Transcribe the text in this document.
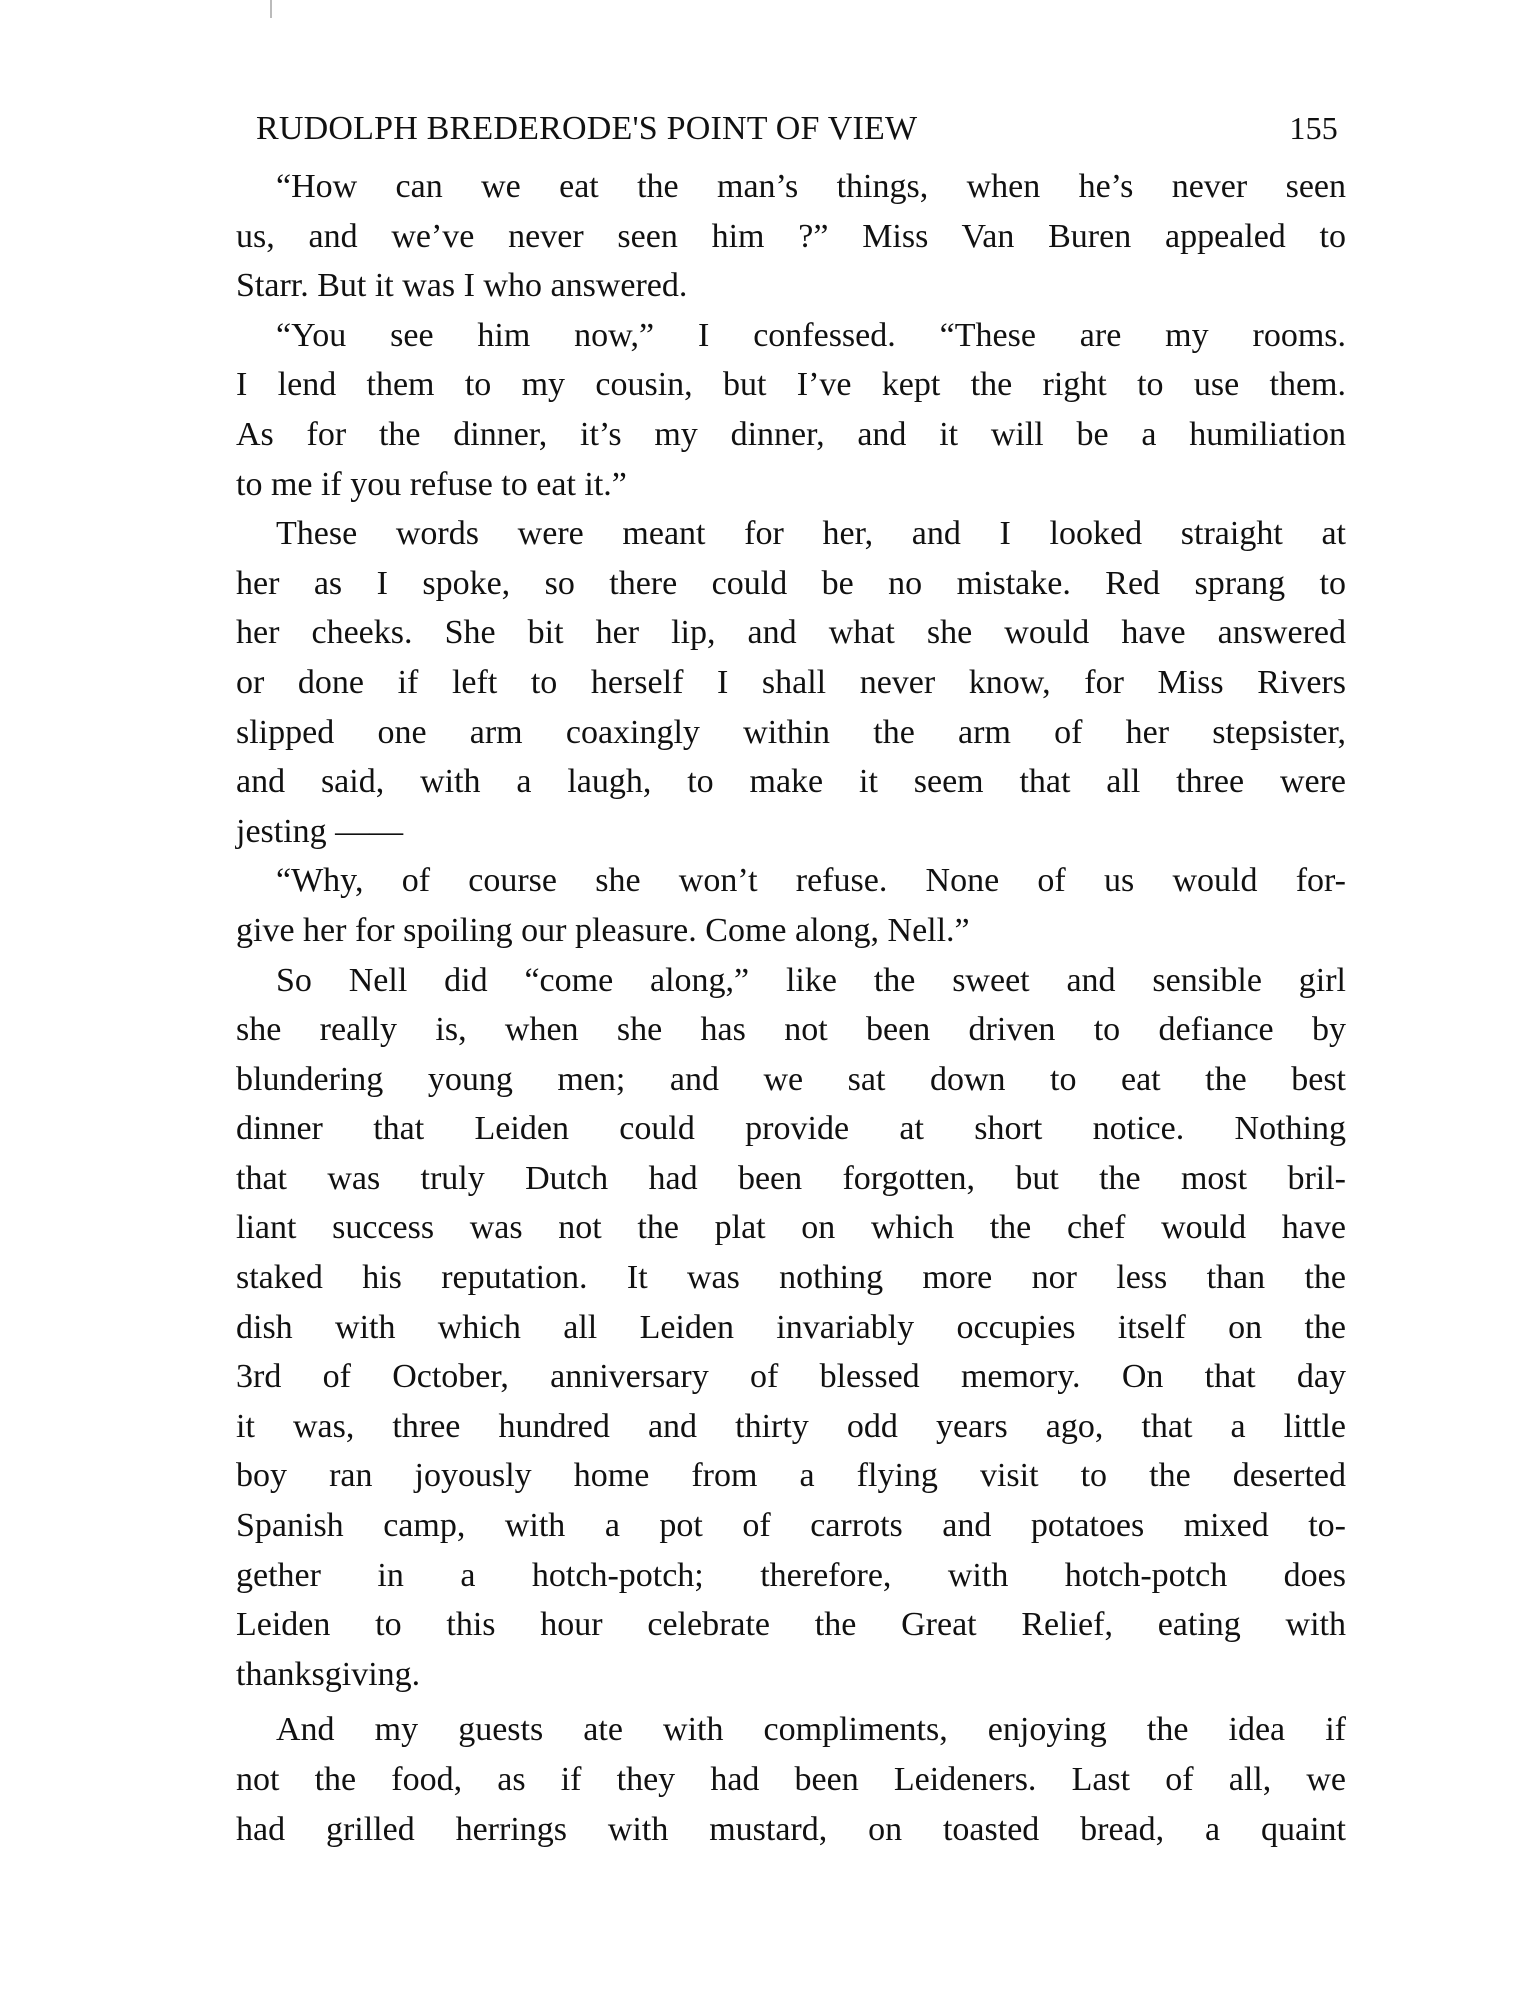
RUDOLPH BREDERODE'S POINT OF VIEW	155
“How can we eat the man’s things, when he’s never seen
us, and we’ve never seen him ?” Miss Van Buren appealed to
Starr. But it was I who answered.
“You see him now,” I confessed. “These are my rooms.
I lend them to my cousin, but I’ve kept the right to use them.
As for the dinner, it’s my dinner, and it will be a humiliation
to me if you refuse to eat it.”
These words were meant for her, and I looked straight at
her as I spoke, so there could be no mistake. Red sprang to
her cheeks. She bit her lip, and what she would have answered
or done if left to herself I shall never know, for Miss Rivers
slipped one arm coaxingly within the arm of her stepsister,
and said, with a laugh, to make it seem that all three were
jesting ——
“Why, of course she won’t refuse. None of us would for-
give her for spoiling our pleasure. Come along, Nell.”
So Nell did “come along,” like the sweet and sensible girl
she really is, when she has not been driven to defiance by
blundering young men; and we sat down to eat the best
dinner that Leiden could provide at short notice. Nothing
that was truly Dutch had been forgotten, but the most bril-
liant success was not the plat on which the chef would have
staked his reputation. It was nothing more nor less than the
dish with which all Leiden invariably occupies itself on the
3rd of October, anniversary of blessed memory. On that day
it was, three hundred and thirty odd years ago, that a little
boy ran joyously home from a flying visit to the deserted
Spanish camp, with a pot of carrots and potatoes mixed to-
gether in a hotch-potch; therefore, with hotch-potch does
Leiden to this hour celebrate the Great Relief, eating with
thanksgiving.
And my guests ate with compliments, enjoying the idea if
not the food, as if they had been Leideners. Last of all, we
had grilled herrings with mustard, on toasted bread, a quaint
